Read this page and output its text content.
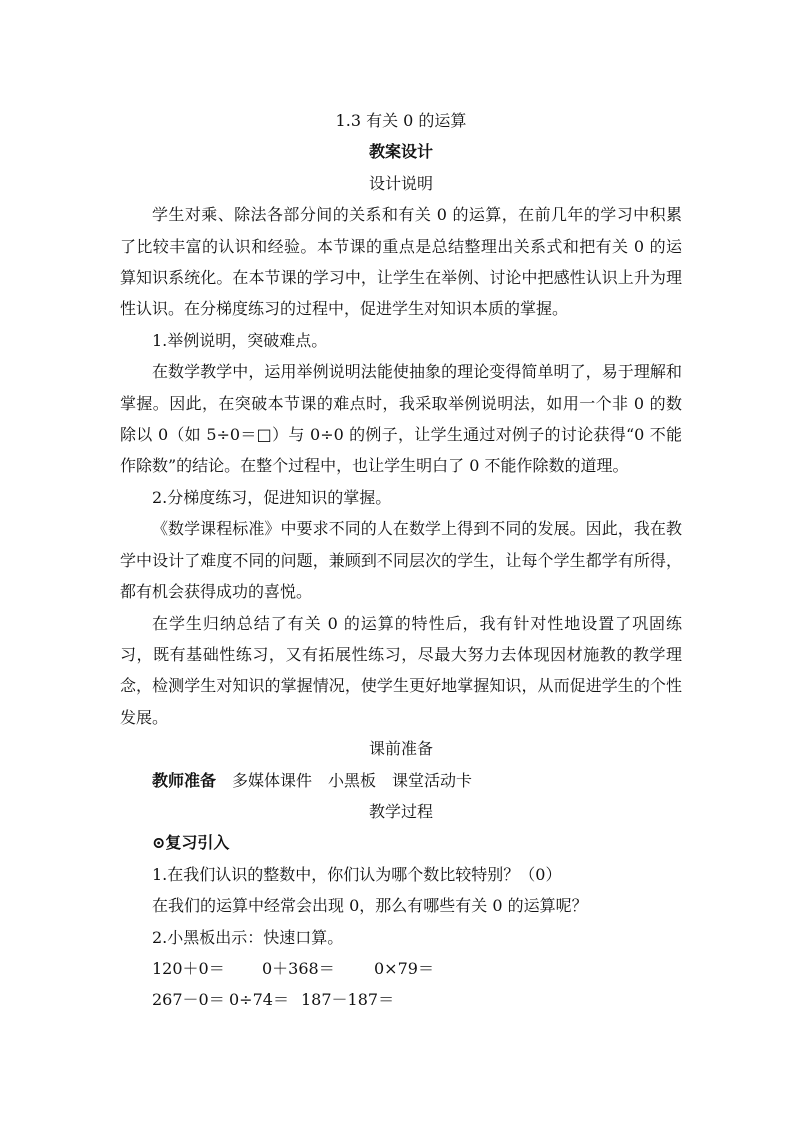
1.3 有关 0 的运算
教案设计
设计说明

学生对乘、除法各部分间的关系和有关 0 的运算，在前几年的学习中积累了比较丰富的认识和经验。本节课的重点是总结整理出关系式和把有关 0 的运算知识系统化。在本节课的学习中，让学生在举例、讨论中把感性认识上升为理性认识。在分梯度练习的过程中，促进学生对知识本质的掌握。

1.举例说明，突破难点。

在数学教学中，运用举例说明法能使抽象的理论变得简单明了，易于理解和掌握。因此，在突破本节课的难点时，我采取举例说明法，如用一个非 0 的数除以 0（如 5÷0＝□）与 0÷0 的例子，让学生通过对例子的讨论获得“0 不能作除数”的结论。在整个过程中，也让学生明白了 0 不能作除数的道理。

2.分梯度练习，促进知识的掌握。

《数学课程标准》中要求不同的人在数学上得到不同的发展。因此，我在教学中设计了难度不同的问题，兼顾到不同层次的学生，让每个学生都学有所得，都有机会获得成功的喜悦。

在学生归纳总结了有关 0 的运算的特性后，我有针对性地设置了巩固练习，既有基础性练习，又有拓展性练习，尽最大努力去体现因材施教的教学理念，检测学生对知识的掌握情况，使学生更好地掌握知识，从而促进学生的个性发展。

课前准备

教师准备 多媒体课件 小黑板 课堂活动卡

教学过程

⊙复习引入

1.在我们认识的整数中，你们认为哪个数比较特别？（0）

在我们的运算中经常会出现 0，那么有哪些有关 0 的运算呢？

2.小黑板出示：快速口算。

120＋0＝ 0＋368＝ 0×79＝

267－0＝ 0÷74＝ 187－187＝
